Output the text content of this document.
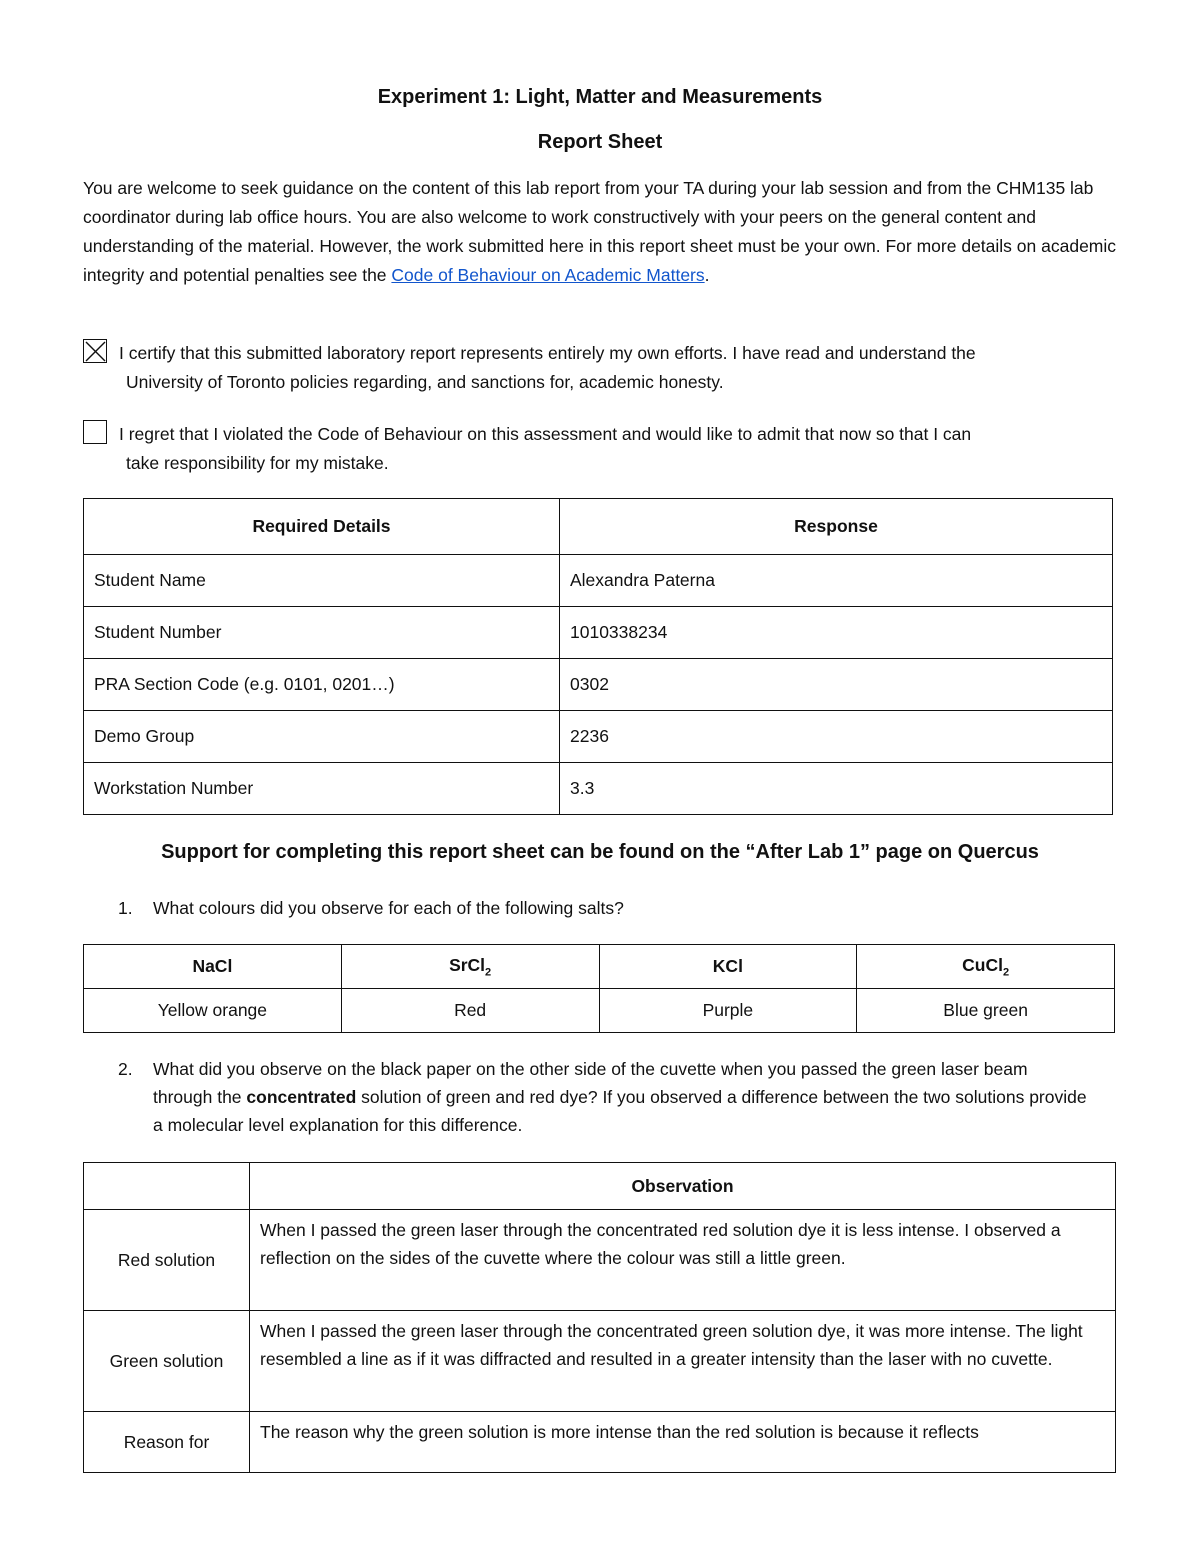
Experiment 1: Light, Matter and Measurements
Report Sheet
You are welcome to seek guidance on the content of this lab report from your TA during your lab session and from the CHM135 lab coordinator during lab office hours. You are also welcome to work constructively with your peers on the general content and understanding of the material. However, the work submitted here in this report sheet must be your own. For more details on academic integrity and potential penalties see the Code of Behaviour on Academic Matters.
I certify that this submitted laboratory report represents entirely my own efforts. I have read and understand the
University of Toronto policies regarding, and sanctions for, academic honesty.
I regret that I violated the Code of Behaviour on this assessment and would like to admit that now so that I can
take responsibility for my mistake.
Required Details	Response
Student Name	Alexandra Paterna
Student Number	1010338234
PRA Section Code (e.g. 0101, 0201…)	0302
Demo Group	2236
Workstation Number	3.3
Support for completing this report sheet can be found on the “After Lab 1” page on Quercus
1. What colours did you observe for each of the following salts?
NaCl	SrCl$_2$	KCl	CuCl$_2$
Yellow orange	Red	Purple	Blue green
2. What did you observe on the black paper on the other side of the cuvette when you passed the green laser beam through the concentrated solution of green and red dye? If you observed a difference between the two solutions provide a molecular level explanation for this difference.
	Observation
Red solution	When I passed the green laser through the concentrated red solution dye it is less intense. I observed a reflection on the sides of the cuvette where the colour was still a little green.
Green solution	When I passed the green laser through the concentrated green solution dye, it was more intense. The light resembled a line as if it was diffracted and resulted in a greater intensity than the laser with no cuvette.
Reason for	The reason why the green solution is more intense than the red solution is because it reflects
